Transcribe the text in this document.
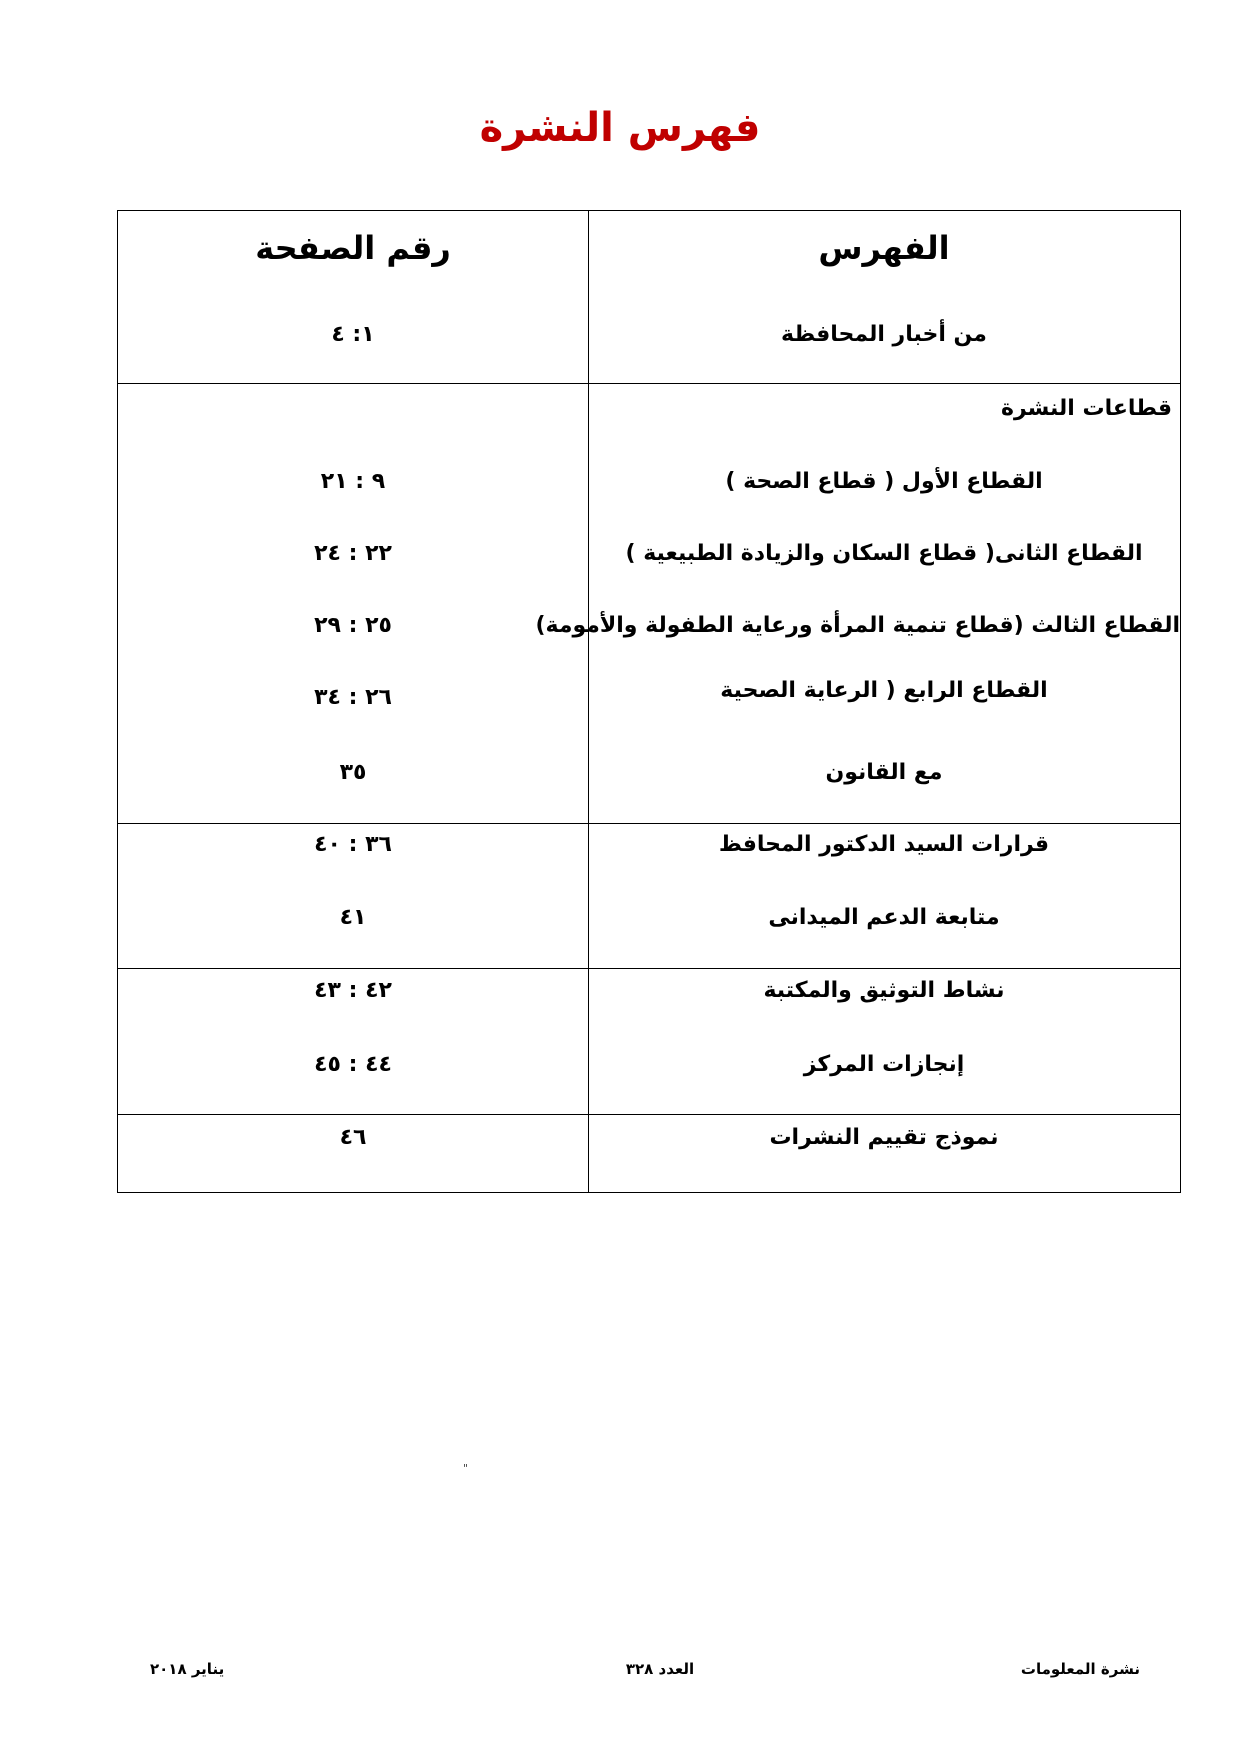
فهرس النشرة
الفهرس
رقم الصفحة
من أخبار المحافظة
١: ٤
قطاعات النشرة
القطاع الأول ( قطاع الصحة )
٩ : ٢١
القطاع الثانى( قطاع السكان والزيادة الطبيعية )
٢٢ : ٢٤
القطاع الثالث (قطاع تنمية المرأة ورعاية الطفولة والأمومة)
٢٥ : ٢٩
القطاع الرابع ( الرعاية الصحية
٢٦ : ٣٤
مع القانون
٣٥
قرارات السيد الدكتور المحافظ
٣٦ : ٤٠
متابعة الدعم الميدانى
٤١
نشاط التوثيق والمكتبة
٤٢ : ٤٣
إنجازات المركز
٤٤ : ٤٥
نموذج تقييم النشرات
٤٦
"
نشرة المعلومات
العدد ٣٢٨
يناير ٢٠١٨
